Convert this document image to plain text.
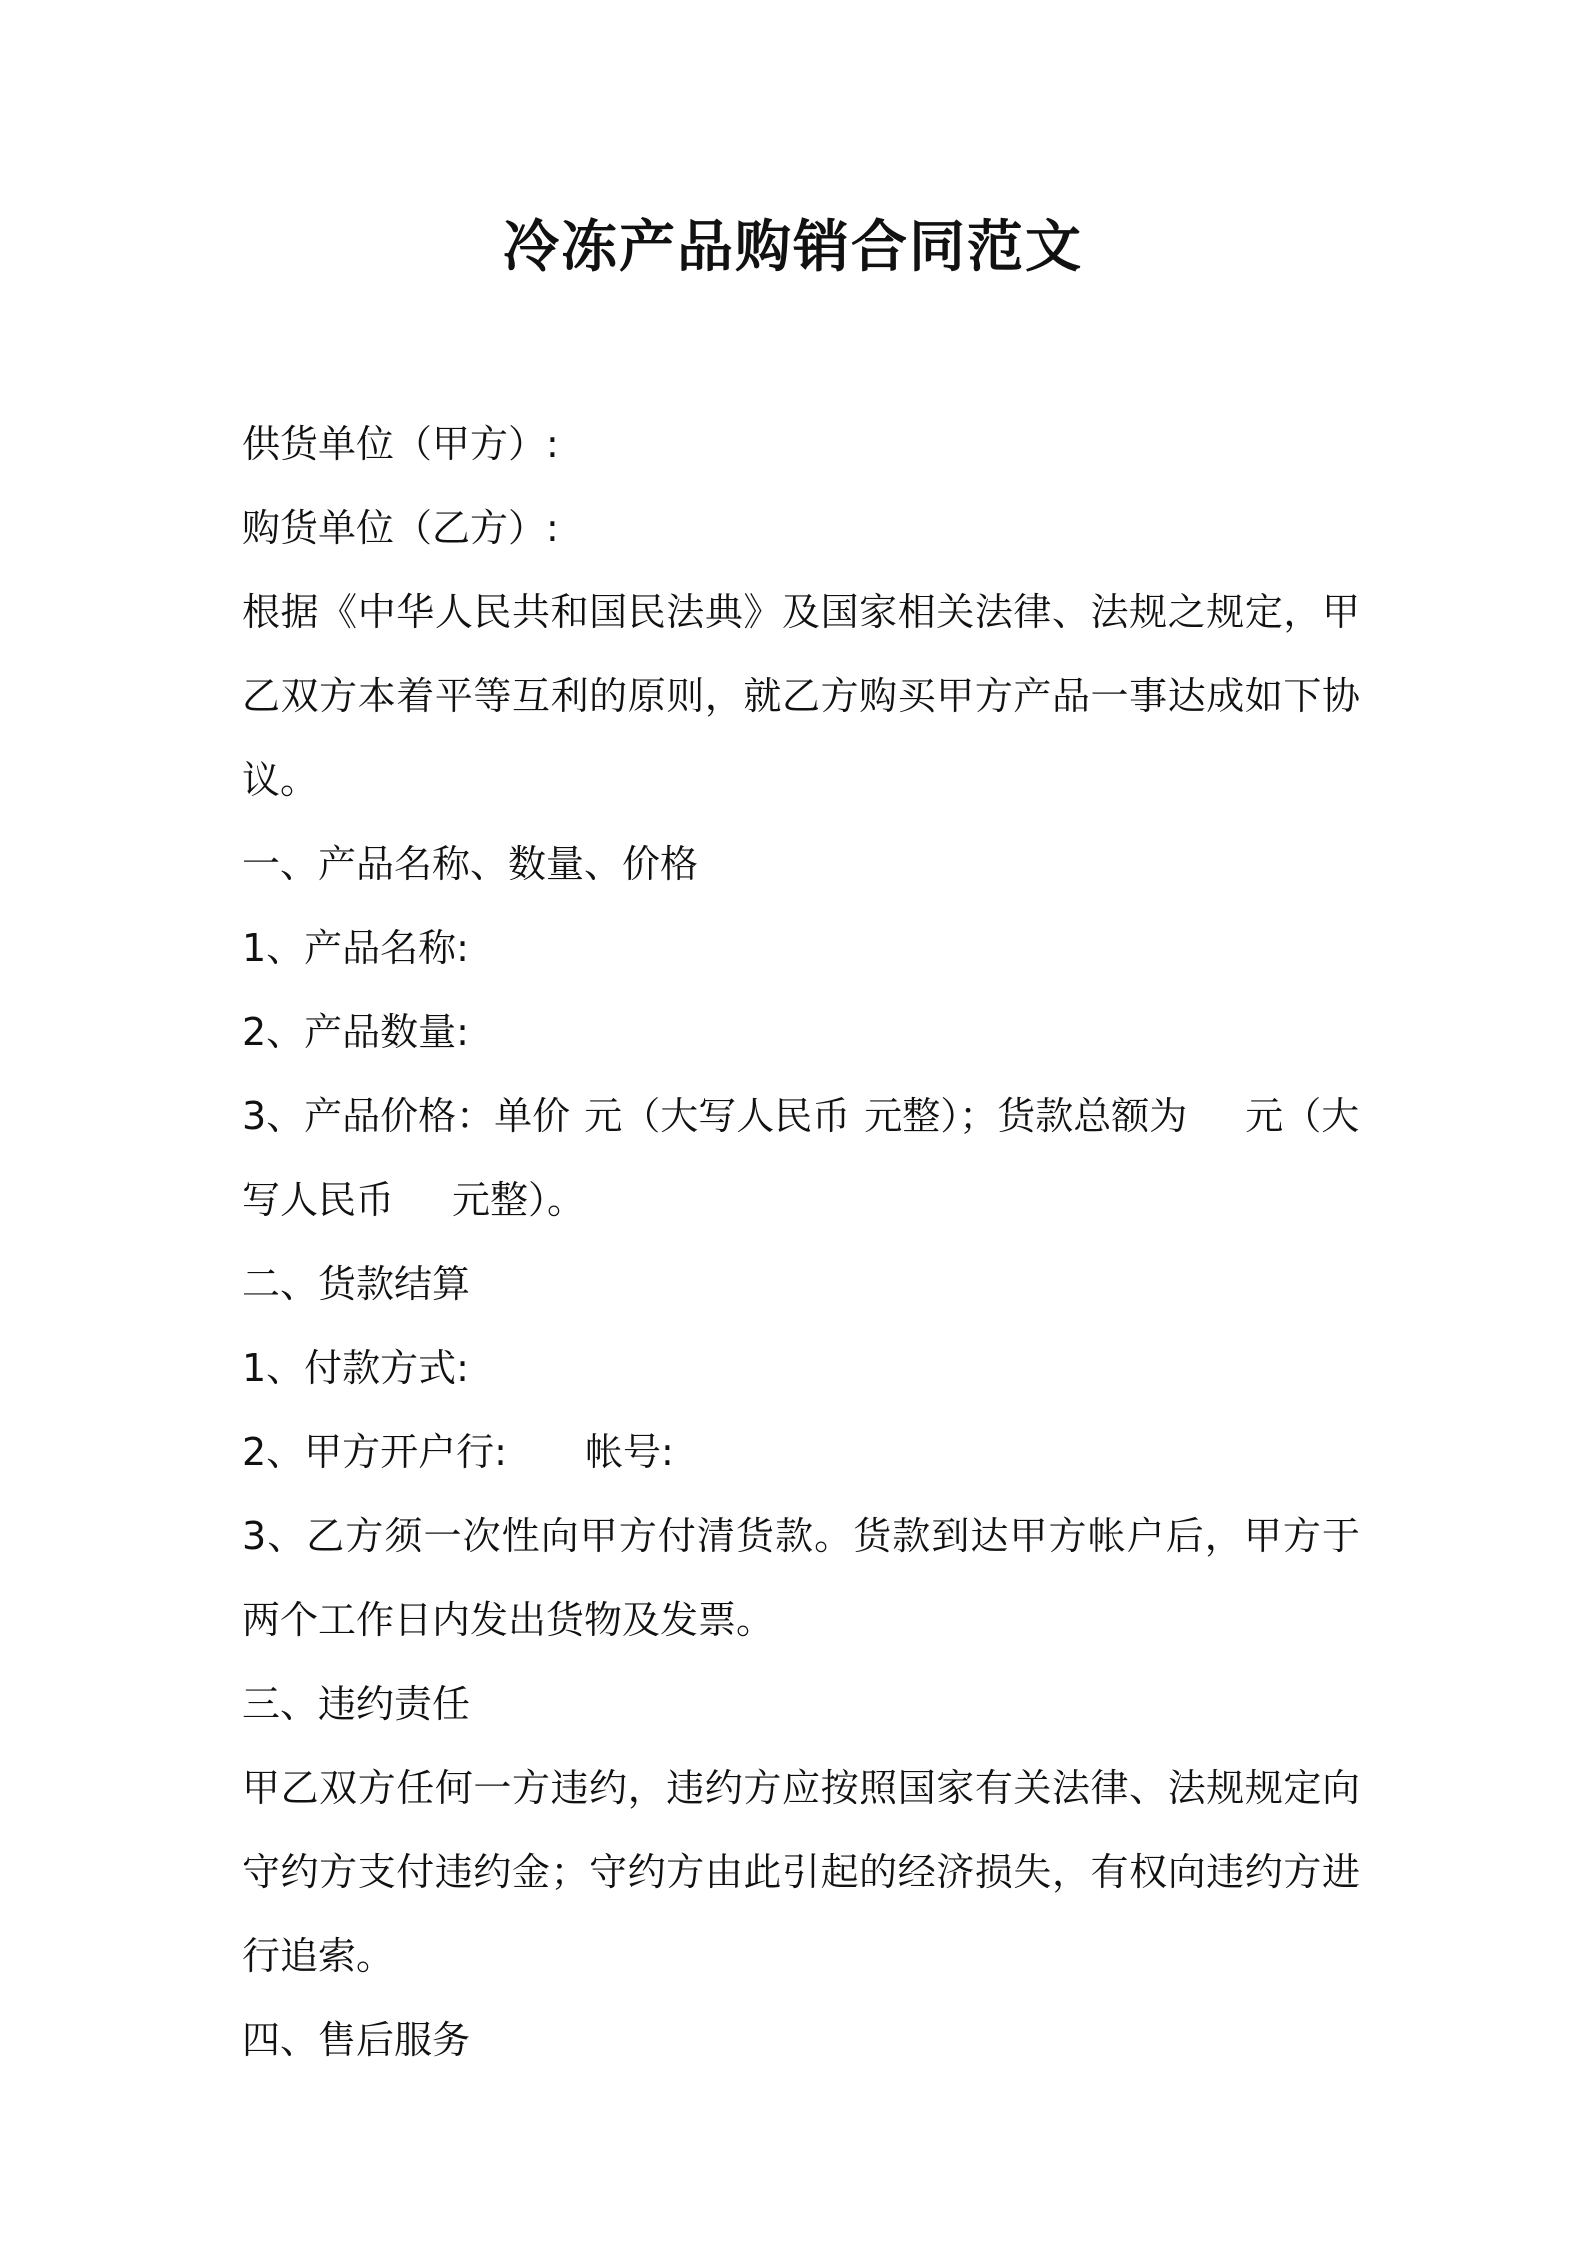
冷冻产品购销合同范文

供货单位（甲方）:

购货单位（乙方）:

根据《中华人民共和国民法典》及国家相关法律、法规之规定，甲乙双方本着平等互利的原则，就乙方购买甲方产品一事达成如下协议。

一、产品名称、数量、价格

1、产品名称:

2、产品数量:

3、产品价格：单价 元（大写人民币 元整）；货款总额为 元（大

写人民币 元整）。

二、货款结算

1、付款方式:

2、甲方开户行: 帐号:

3、乙方须一次性向甲方付清货款。货款到达甲方帐户后，甲方于两个工作日内发出货物及发票。

三、违约责任

甲乙双方任何一方违约，违约方应按照国家有关法律、法规规定向守约方支付违约金；守约方由此引起的经济损失，有权向违约方进行追索。

四、售后服务
